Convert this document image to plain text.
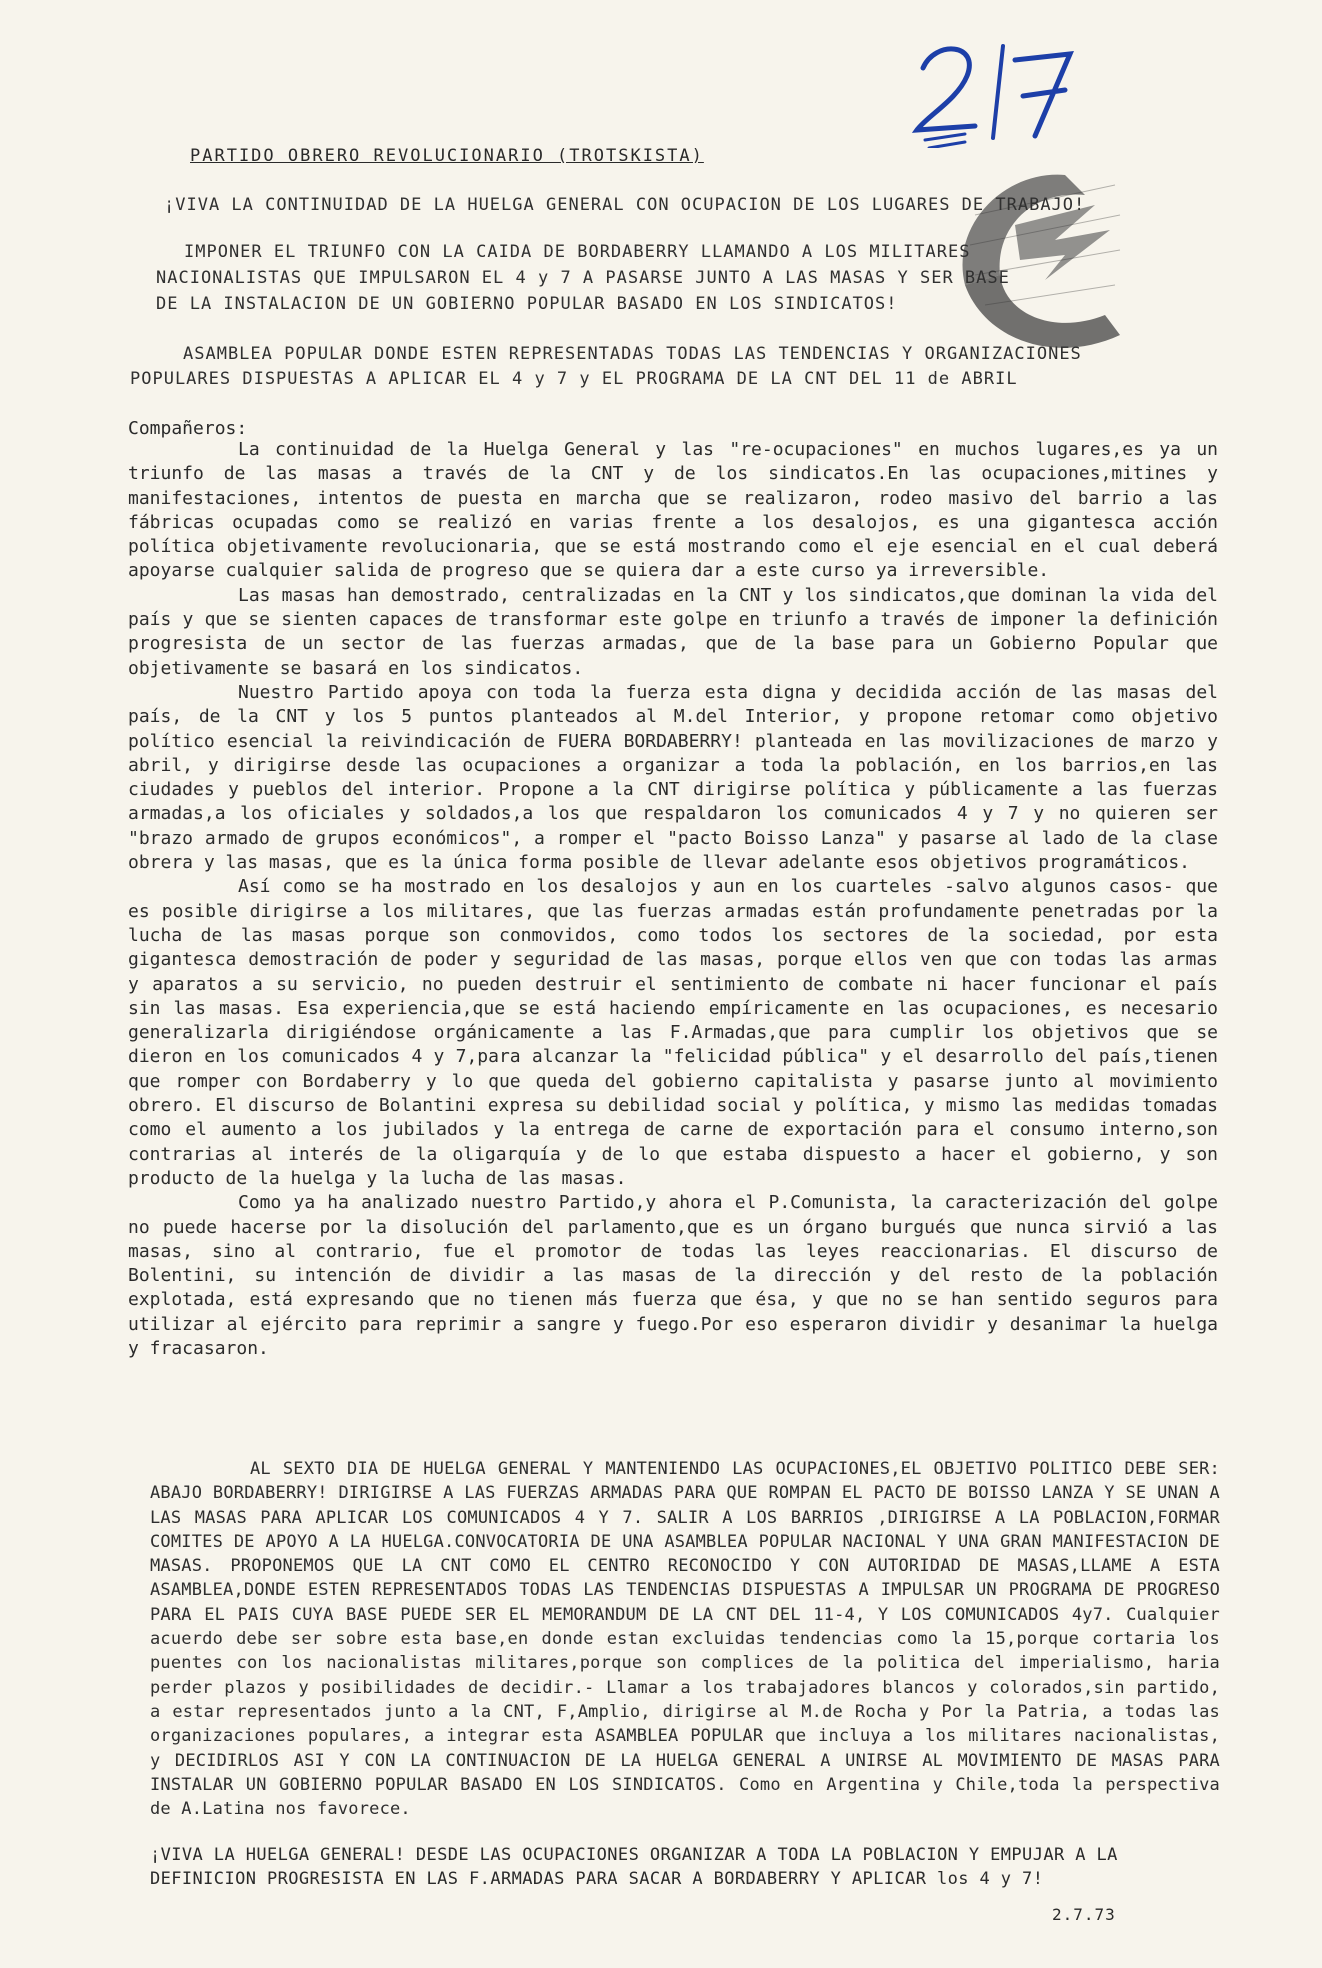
PARTIDO OBRERO REVOLUCIONARIO (TROTSKISTA)
¡VIVA LA CONTINUIDAD DE LA HUELGA GENERAL CON OCUPACION DE LOS LUGARES DE TRABAJO!
IMPONER EL TRIUNFO CON LA CAIDA DE BORDABERRY LLAMANDO A LOS MILITARES
NACIONALISTAS QUE IMPULSARON EL 4 y 7 A PASARSE JUNTO A LAS MASAS Y SER BASE
DE LA INSTALACION DE UN GOBIERNO POPULAR BASADO EN LOS SINDICATOS!
ASAMBLEA POPULAR DONDE ESTEN REPRESENTADAS TODAS LAS TENDENCIAS Y ORGANIZACIONES
POPULARES DISPUESTAS A APLICAR EL 4 y 7 y EL PROGRAMA DE LA CNT DEL 11 de ABRIL
Compañeros:

La continuidad de la Huelga General y las "re-ocupaciones" en muchos lugares,es ya un triunfo de las masas a través de la CNT y de los sindicatos.En las ocupaciones,mitines y manifestaciones, intentos de puesta en marcha que se realizaron, rodeo masivo del barrio a las fábricas ocupadas como se realizó en varias frente a los desalojos, es una gigantesca acción política objetivamente revolucionaria, que se está mostrando como el eje esencial en el cual deberá apoyarse cualquier salida de progreso que se quiera dar a este curso ya irreversible.

Las masas han demostrado, centralizadas en la CNT y los sindicatos,que dominan la vida del país y que se sienten capaces de transformar este golpe en triunfo a través de imponer la definición progresista de un sector de las fuerzas armadas, que de la base para un Gobierno Popular que objetivamente se basará en los sindicatos.

Nuestro Partido apoya con toda la fuerza esta digna y decidida acción de las masas del país, de la CNT y los 5 puntos planteados al M.del Interior, y propone retomar como objetivo político esencial la reivindicación de FUERA BORDABERRY! planteada en las movilizaciones de marzo y abril, y dirigirse desde las ocupaciones a organizar a toda la población, en los barrios,en las ciudades y pueblos del interior. Propone a la CNT dirigirse política y públicamente a las fuerzas armadas,a los oficiales y soldados,a los que respaldaron los comunicados 4 y 7 y no quieren ser "brazo armado de grupos económicos", a romper el "pacto Boisso Lanza" y pasarse al lado de la clase obrera y las masas, que es la única forma posible de llevar adelante esos objetivos programáticos.

Así como se ha mostrado en los desalojos y aun en los cuarteles -salvo algunos casos- que es posible dirigirse a los militares, que las fuerzas armadas están profundamente penetradas por la lucha de las masas porque son conmovidos, como todos los sectores de la sociedad, por esta gigantesca demostración de poder y seguridad de las masas, porque ellos ven que con todas las armas y aparatos a su servicio, no pueden destruir el sentimiento de combate ni hacer funcionar el país sin las masas. Esa experiencia,que se está haciendo empíricamente en las ocupaciones, es necesario generalizarla dirigiéndose orgánicamente a las F.Armadas,que para cumplir los objetivos que se dieron en los comunicados 4 y 7,para alcanzar la "felicidad pública" y el desarrollo del país,tienen que romper con Bordaberry y lo que queda del gobierno capitalista y pasarse junto al movimiento obrero. El discurso de Bolantini expresa su debilidad social y política, y mismo las medidas tomadas como el aumento a los jubilados y la entrega de carne de exportación para el consumo interno,son contrarias al interés de la oligarquía y de lo que estaba dispuesto a hacer el gobierno, y son producto de la huelga y la lucha de las masas.

Como ya ha analizado nuestro Partido,y ahora el P.Comunista, la caracterización del golpe no puede hacerse por la disolución del parlamento,que es un órgano burgués que nunca sirvió a las masas, sino al contrario, fue el promotor de todas las leyes reaccionarias. El discurso de Bolentini, su intención de dividir a las masas de la dirección y del resto de la población explotada, está expresando que no tienen más fuerza que ésa, y que no se han sentido seguros para utilizar al ejército para reprimir a sangre y fuego.Por eso esperaron dividir y desanimar la huelga y fracasaron.

AL SEXTO DIA DE HUELGA GENERAL Y MANTENIENDO LAS OCUPACIONES,EL OBJETIVO POLITICO DEBE SER: ABAJO BORDABERRY! DIRIGIRSE A LAS FUERZAS ARMADAS PARA QUE ROMPAN EL PACTO DE BOISSO LANZA Y SE UNAN A LAS MASAS PARA APLICAR LOS COMUNICADOS 4 Y 7. SALIR A LOS BARRIOS ,DIRIGIRSE A LA POBLACION,FORMAR COMITES DE APOYO A LA HUELGA.CONVOCATORIA DE UNA ASAMBLEA POPULAR NACIONAL Y UNA GRAN MANIFESTACION DE MASAS. PROPONEMOS QUE LA CNT COMO EL CENTRO RECONOCIDO Y CON AUTORIDAD DE MASAS,LLAME A ESTA ASAMBLEA,DONDE ESTEN REPRESENTADOS TODAS LAS TENDENCIAS DISPUESTAS A IMPULSAR UN PROGRAMA DE PROGRESO PARA EL PAIS CUYA BASE PUEDE SER EL MEMORANDUM DE LA CNT DEL 11-4, Y LOS COMUNICADOS 4y7. Cualquier acuerdo debe ser sobre esta base,en donde estan excluidas tendencias como la 15,porque cortaria los puentes con los nacionalistas militares,porque son complices de la politica del imperialismo, haria perder plazos y posibilidades de decidir.- Llamar a los trabajadores blancos y colorados,sin partido, a estar representados junto a la CNT, F,Amplio, dirigirse al M.de Rocha y Por la Patria, a todas las organizaciones populares, a integrar esta ASAMBLEA POPULAR que incluya a los militares nacionalistas, y DECIDIRLOS ASI Y CON LA CONTINUACION DE LA HUELGA GENERAL A UNIRSE AL MOVIMIENTO DE MASAS PARA INSTALAR UN GOBIERNO POPULAR BASADO EN LOS SINDICATOS. Como en Argentina y Chile,toda la perspectiva de A.Latina nos favorece.

¡VIVA LA HUELGA GENERAL! DESDE LAS OCUPACIONES ORGANIZAR A TODA LA POBLACION Y EMPUJAR A LA DEFINICION PROGRESISTA EN LAS F.ARMADAS PARA SACAR A BORDABERRY Y APLICAR los 4 y 7!

2.7.73
